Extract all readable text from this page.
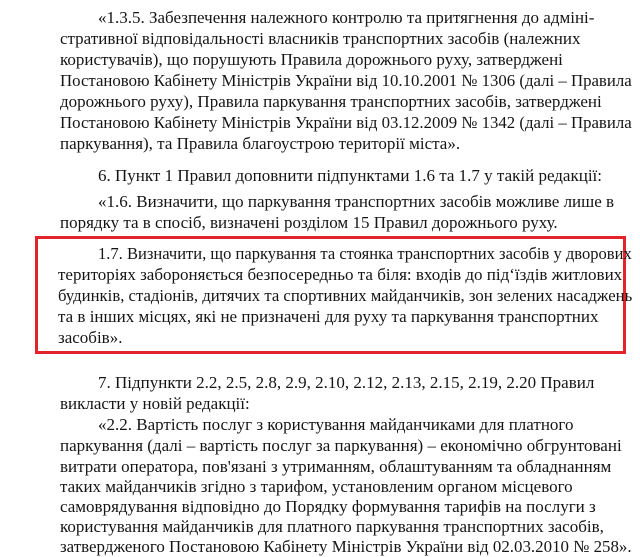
«1.3.5. Забезпечення належного контролю та притягнення до адміні-
стративної відповідальності власників транспортних засобів (належних
користувачів), що порушують Правила дорожнього руху, затверджені
Постановою Кабінету Міністрів України від 10.10.2001 № 1306 (далі – Правила
дорожнього руху), Правила паркування транспортних засобів, затверджені
Постановою Кабінету Міністрів України від 03.12.2009 № 1342 (далі – Правила
паркування), та Правила благоустрою території міста».
6. Пункт 1 Правил доповнити підпунктами 1.6 та 1.7 у такій редакції:
«1.6. Визначити, що паркування транспортних засобів можливе лише в
порядку та в спосіб, визначені розділом 15 Правил дорожнього руху.
1.7. Визначити, що паркування та стоянка транспортних засобів у дворових
територіях забороняється безпосередньо та біля: входів до під‘їздів житлових
будинків, стадіонів, дитячих та спортивних майданчиків, зон зелених насаджень
та в інших місцях, які не призначені для руху та паркування транспортних
засобів».
7. Підпункти 2.2, 2.5, 2.8, 2.9, 2.10, 2.12, 2.13, 2.15, 2.19, 2.20 Правил
викласти у новій редакції:
«2.2. Вартість послуг з користування майданчиками для платного
паркування (далі – вартість послуг за паркування) – економічно обгрунтовані
витрати оператора, пов'язані з утриманням, облаштуванням та обладнанням
таких майданчиків згідно з тарифом, установленим органом місцевого
самоврядування відповідно до Порядку формування тарифів на послуги з
користування майданчиків для платного паркування транспортних засобів,
затвердженого Постановою Кабінету Міністрів України від 02.03.2010 № 258».
